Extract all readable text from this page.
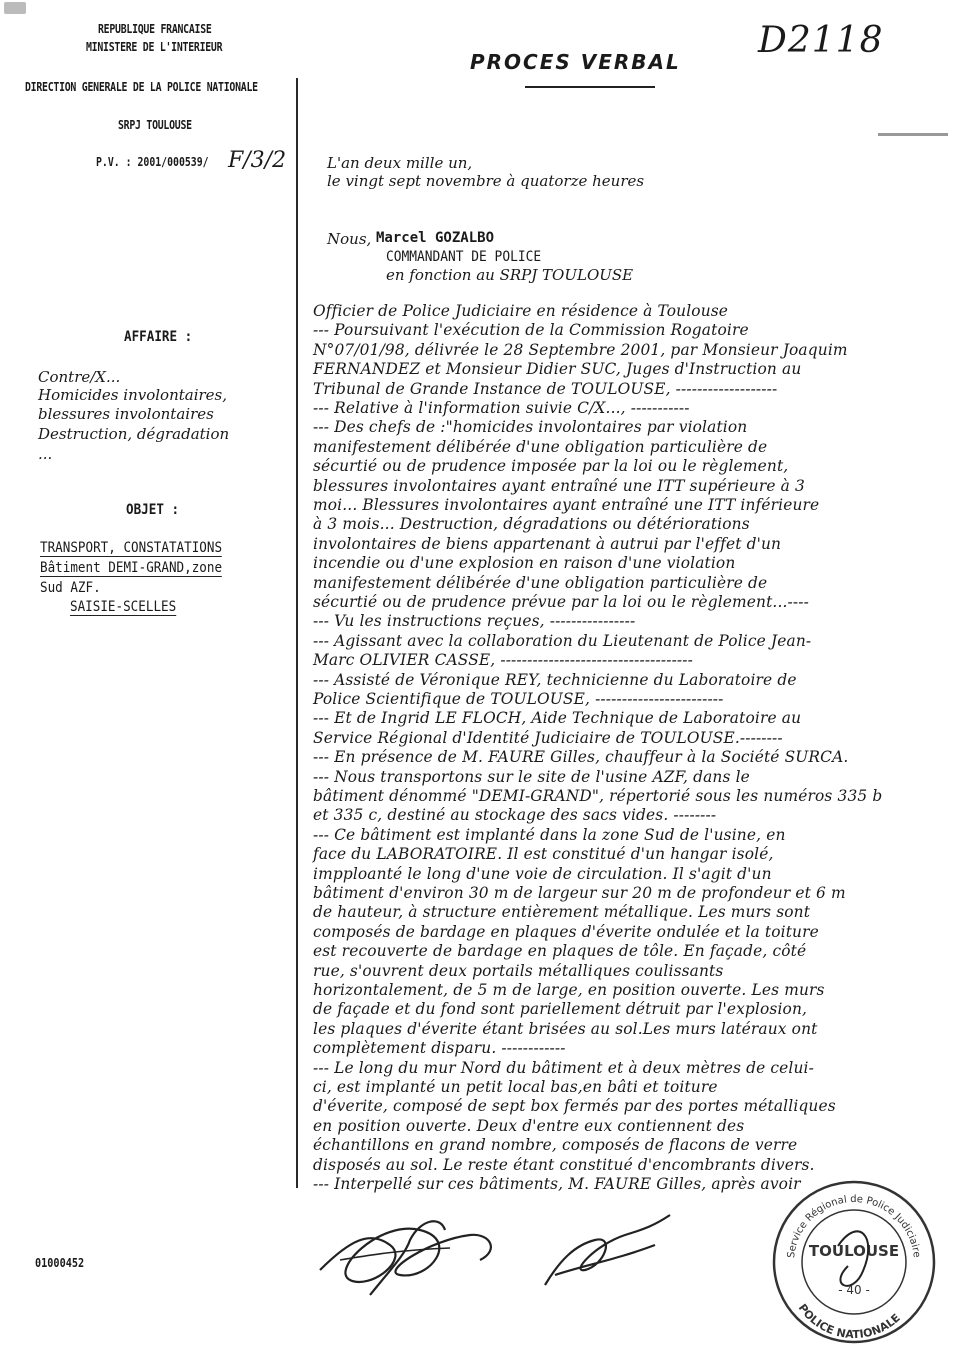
REPUBLIQUE FRANCAISE
MINISTERE DE L'INTERIEUR
DIRECTION GENERALE DE LA POLICE NATIONALE
SRPJ TOULOUSE
P.V. : 2001/000539/ F/3/2
PROCES VERBAL
D2118
AFFAIRE :
Contre/X...
Homicides involontaires,
blessures involontaires
Destruction, dégradation
...
OBJET :
TRANSPORT, CONSTATATIONS
Bâtiment DEMI-GRAND,zone
Sud AZF.
SAISIE-SCELLES
01000452
L'an deux mille un,
le vingt sept novembre à quatorze heures
Nous, Marcel GOZALBO
COMMANDANT DE POLICE
en fonction au SRPJ TOULOUSE
Officier de Police Judiciaire en résidence à Toulouse
--- Poursuivant l'exécution de la Commission Rogatoire
N°07/01/98, délivrée le 28 Septembre 2001, par Monsieur Joaquim
FERNANDEZ et Monsieur Didier SUC, Juges d'Instruction au
Tribunal de Grande Instance de TOULOUSE, -------------------
--- Relative à l'information suivie C/X..., -----------
--- Des chefs de :"homicides involontaires par violation
manifestement délibérée d'une obligation particulière de
sécurtié ou de prudence imposée par la loi ou le règlement,
blessures involontaires ayant entraîné une ITT supérieure à 3
moi... Blessures involontaires ayant entraîné une ITT inférieure
à 3 mois... Destruction, dégradations ou détériorations
involontaires de biens appartenant à autrui par l'effet d'un
incendie ou d'une explosion en raison d'une violation
manifestement délibérée d'une obligation particulière de
sécurtié ou de prudence prévue par la loi ou le règlement...----
--- Vu les instructions reçues, ----------------
--- Agissant avec la collaboration du Lieutenant de Police Jean-
Marc OLIVIER CASSE, ------------------------------------
--- Assisté de Véronique REY, technicienne du Laboratoire de
Police Scientifique de TOULOUSE, ------------------------
--- Et de Ingrid LE FLOCH, Aide Technique de Laboratoire au
Service Régional d'Identité Judiciaire de TOULOUSE.--------
--- En présence de M. FAURE Gilles, chauffeur à la Société SURCA.
--- Nous transportons sur le site de l'usine AZF, dans le
bâtiment dénommé "DEMI-GRAND", répertorié sous les numéros 335 b
et 335 c, destiné au stockage des sacs vides. --------
--- Ce bâtiment est implanté dans la zone Sud de l'usine, en
face du LABORATOIRE. Il est constitué d'un hangar isolé,
impploanté le long d'une voie de circulation. Il s'agit d'un
bâtiment d'environ 30 m de largeur sur 20 m de profondeur et 6 m
de hauteur, à structure entièrement métallique. Les murs sont
composés de bardage en plaques d'éverite ondulée et la toiture
est recouverte de bardage en plaques de tôle. En façade, côté
rue, s'ouvrent deux portails métalliques coulissants
horizontalement, de 5 m de large, en position ouverte. Les murs
de façade et du fond sont pariellement détruit par l'explosion,
les plaques d'éverite étant brisées au sol.Les murs latéraux ont
complètement disparu. ------------
--- Le long du mur Nord du bâtiment et à deux mètres de celui-
ci, est implanté un petit local bas,en bâti et toiture
d'éverite, composé de sept box fermés par des portes métalliques
en position ouverte. Deux d'entre eux contiennent des
échantillons en grand nombre, composés de flacons de verre
disposés au sol. Le reste étant constitué d'encombrants divers.
--- Interpellé sur ces bâtiments, M. FAURE Gilles, après avoir
Service Régional de Police Judiciaire
TOULOUSE
- 40 -
POLICE NATIONALE
